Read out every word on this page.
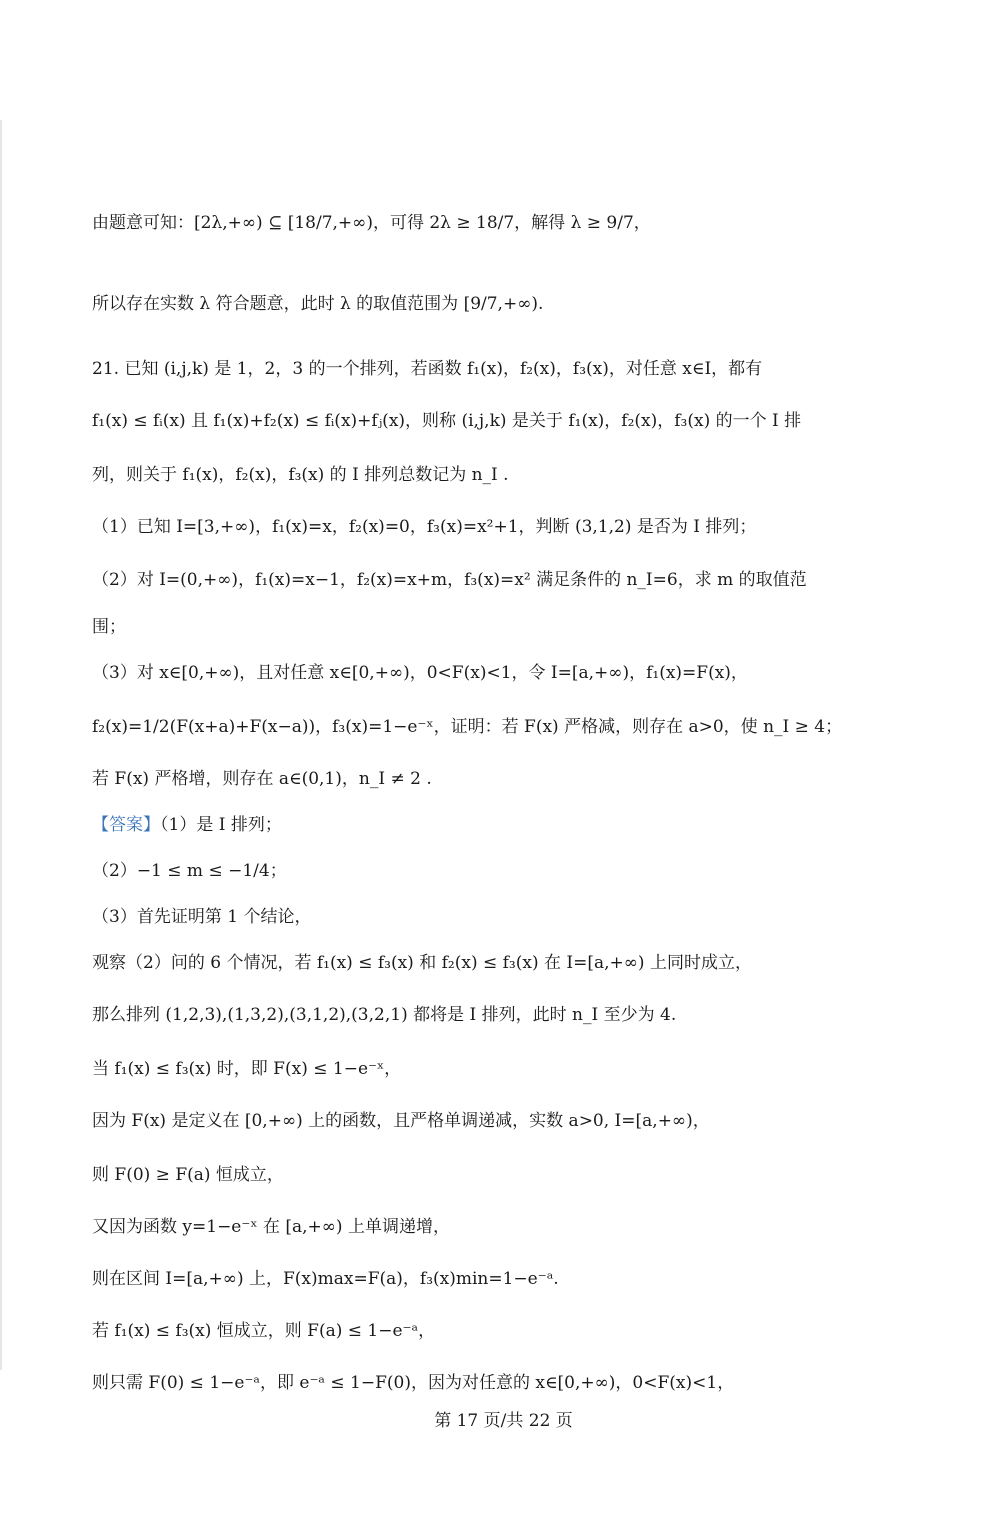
由题意可知：[2λ,+∞) ⊆ [18/7,+∞)，可得 2λ ≥ 18/7，解得 λ ≥ 9/7，
所以存在实数 λ 符合题意，此时 λ 的取值范围为 [9/7,+∞).
21. 已知 (i,j,k) 是 1，2，3 的一个排列，若函数 f₁(x)，f₂(x)，f₃(x)，对任意 x∈I，都有
f₁(x) ≤ fᵢ(x) 且 f₁(x)+f₂(x) ≤ fᵢ(x)+fⱼ(x)，则称 (i,j,k) 是关于 f₁(x)，f₂(x)，f₃(x) 的一个 I 排
列，则关于 f₁(x)，f₂(x)，f₃(x) 的 I 排列总数记为 n_I .
（1）已知 I=[3,+∞)，f₁(x)=x，f₂(x)=0，f₃(x)=x²+1，判断 (3,1,2) 是否为 I 排列；
（2）对 I=(0,+∞)，f₁(x)=x−1，f₂(x)=x+m，f₃(x)=x² 满足条件的 n_I=6，求 m 的取值范
围；
（3）对 x∈[0,+∞)，且对任意 x∈[0,+∞)，0<F(x)<1，令 I=[a,+∞)，f₁(x)=F(x)，
f₂(x)=1/2(F(x+a)+F(x−a))，f₃(x)=1−e⁻ˣ，证明：若 F(x) 严格减，则存在 a>0，使 n_I ≥ 4；
若 F(x) 严格增，则存在 a∈(0,1)，n_I ≠ 2 .
【答案】（1）是 I 排列；
（2）−1 ≤ m ≤ −1/4；
（3）首先证明第 1 个结论，
观察（2）问的 6 个情况，若 f₁(x) ≤ f₃(x) 和 f₂(x) ≤ f₃(x) 在 I=[a,+∞) 上同时成立，
那么排列 (1,2,3),(1,3,2),(3,1,2),(3,2,1) 都将是 I 排列，此时 n_I 至少为 4.
当 f₁(x) ≤ f₃(x) 时，即 F(x) ≤ 1−e⁻ˣ，
因为 F(x) 是定义在 [0,+∞) 上的函数，且严格单调递减，实数 a>0, I=[a,+∞)，
则 F(0) ≥ F(a) 恒成立，
又因为函数 y=1−e⁻ˣ 在 [a,+∞) 上单调递增，
则在区间 I=[a,+∞) 上，F(x)max=F(a)，f₃(x)min=1−e⁻ᵃ.
若 f₁(x) ≤ f₃(x) 恒成立，则 F(a) ≤ 1−e⁻ᵃ，
则只需 F(0) ≤ 1−e⁻ᵃ，即 e⁻ᵃ ≤ 1−F(0)，因为对任意的 x∈[0,+∞)，0<F(x)<1，
第 17 页/共 22 页
